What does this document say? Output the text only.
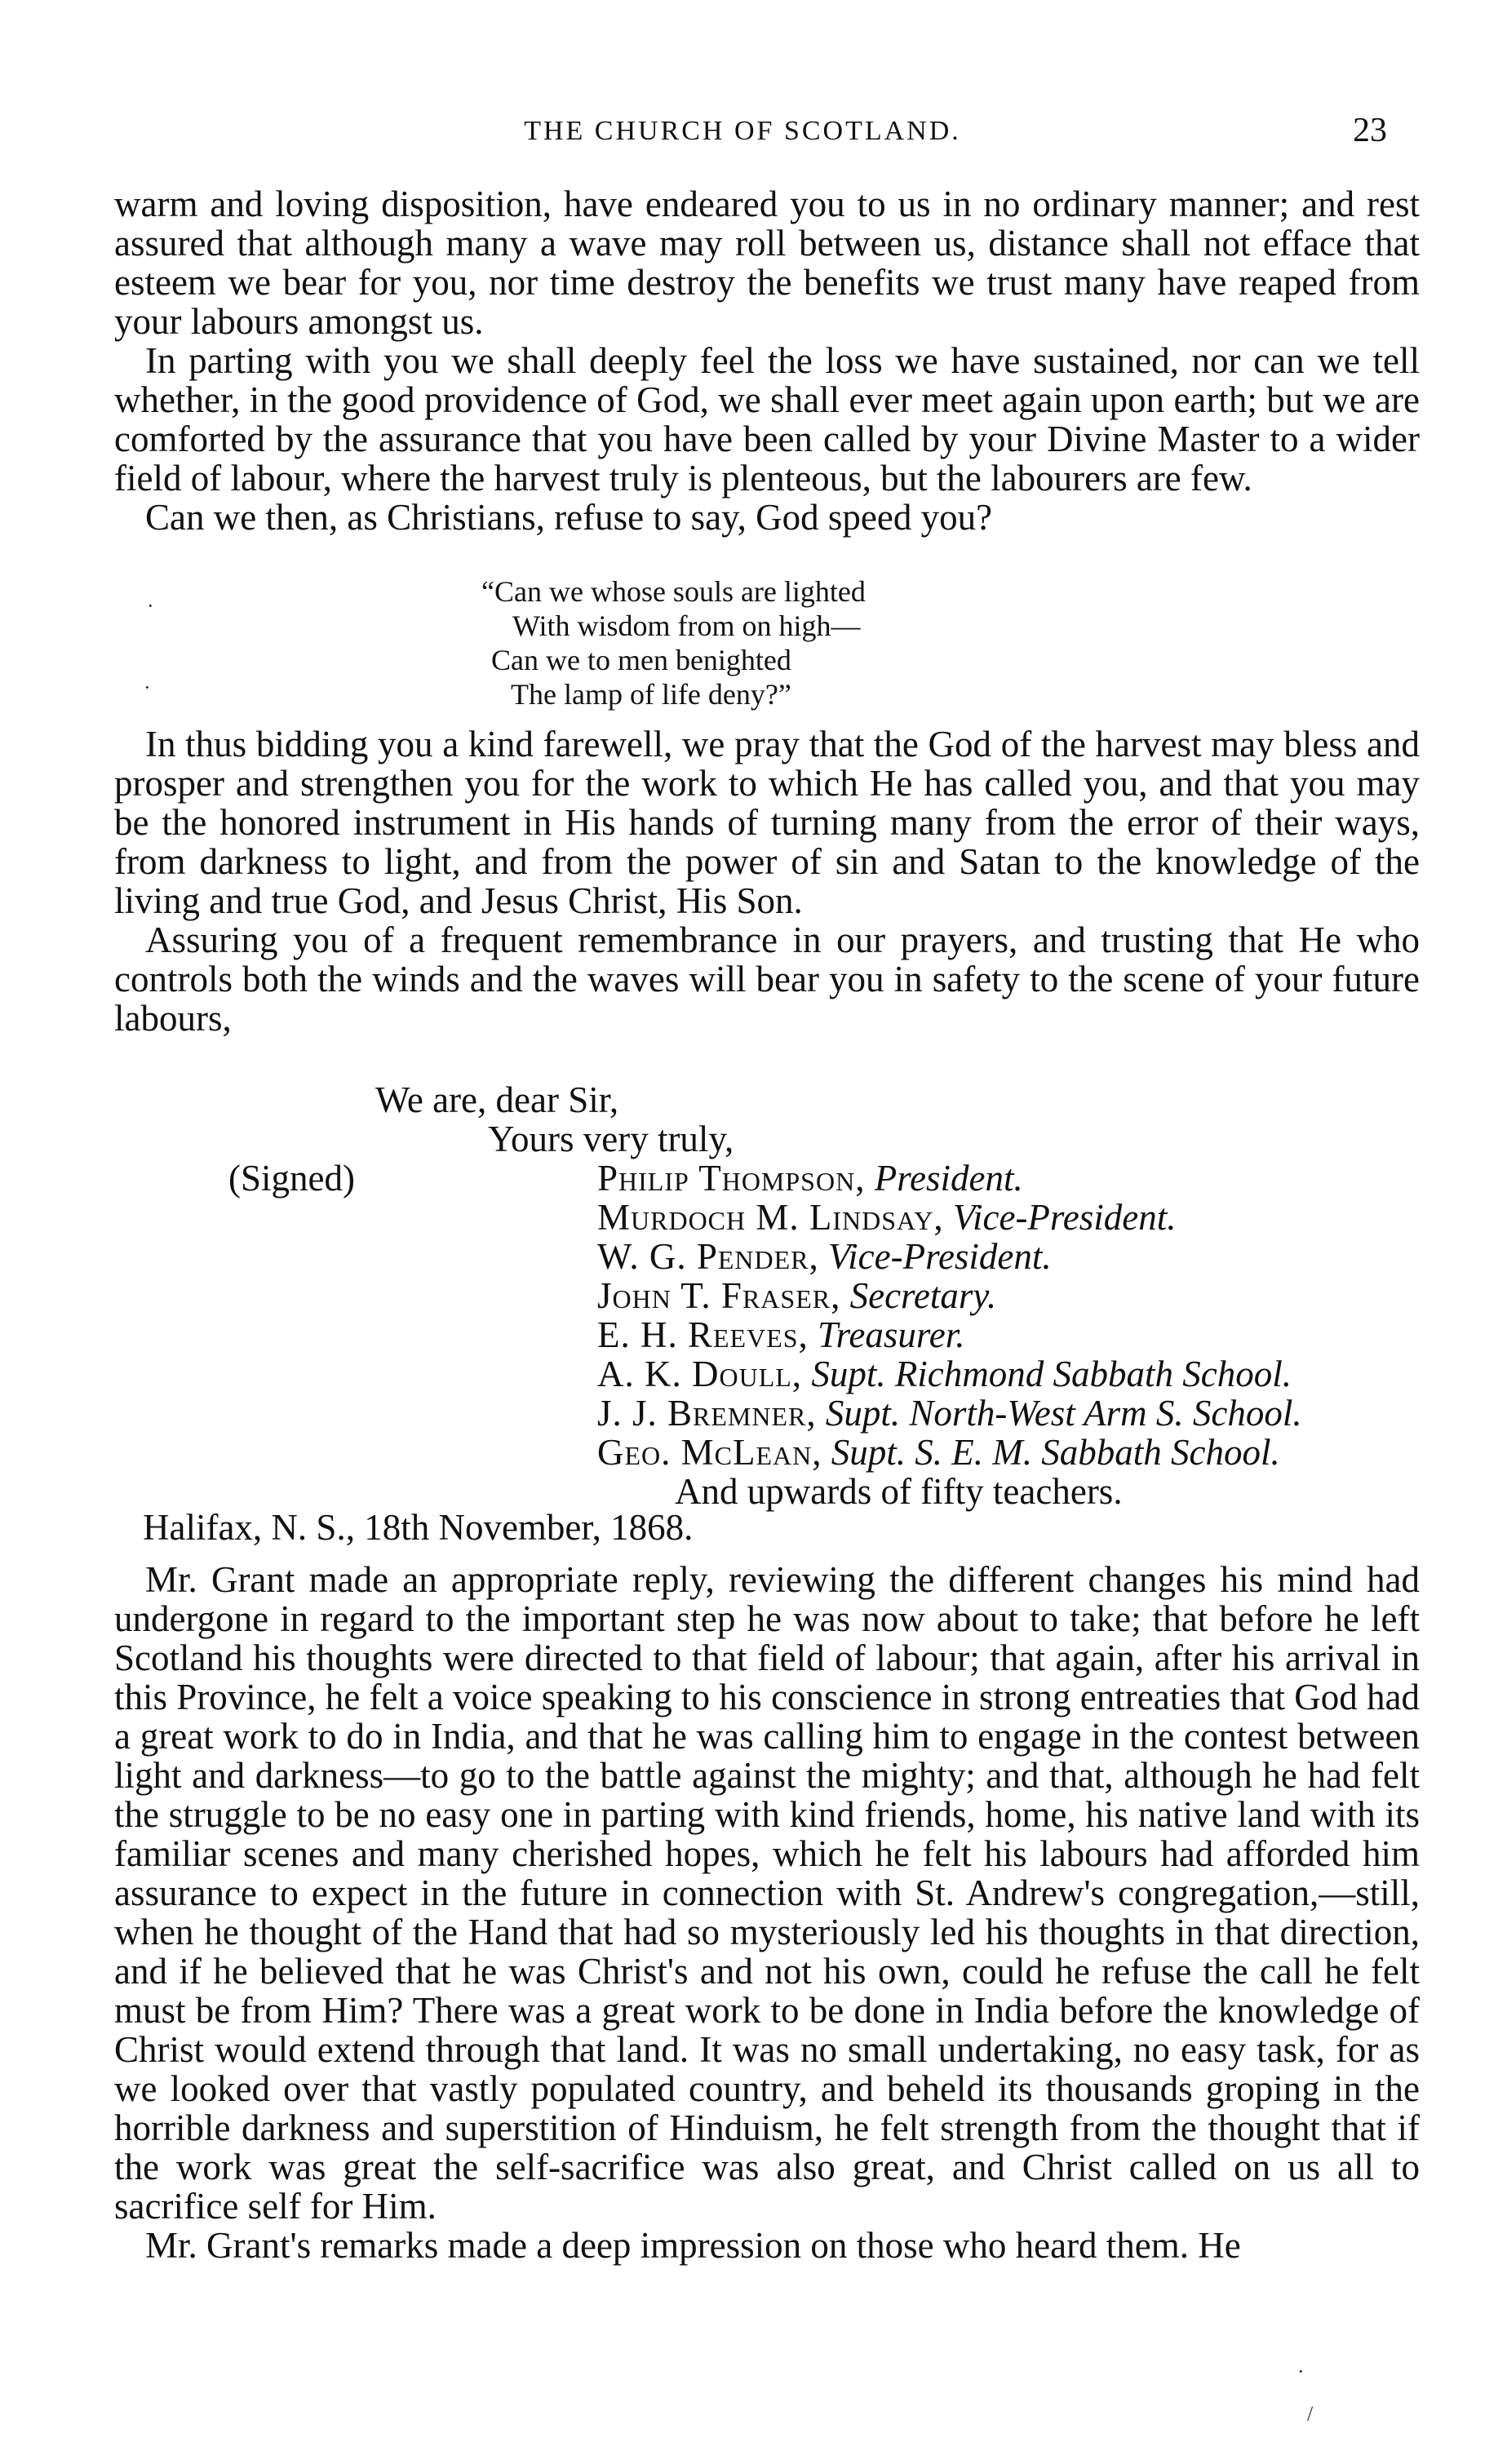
THE CHURCH OF SCOTLAND.	23

warm and loving disposition, have endeared you to us in no ordinary manner; and rest assured that although many a wave may roll between us, distance shall not efface that esteem we bear for you, nor time destroy the benefits we trust many have reaped from your labours amongst us.

In parting with you we shall deeply feel the loss we have sustained, nor can we tell whether, in the good providence of God, we shall ever meet again upon earth; but we are comforted by the assurance that you have been called by your Divine Master to a wider field of labour, where the harvest truly is plenteous, but the labourers are few.

Can we then, as Christians, refuse to say, God speed you?

“Can we whose souls are lighted
With wisdom from on high—
Can we to men benighted
The lamp of life deny?”

In thus bidding you a kind farewell, we pray that the God of the harvest may bless and prosper and strengthen you for the work to which He has called you, and that you may be the honored instrument in His hands of turning many from the error of their ways, from darkness to light, and from the power of sin and Satan to the knowledge of the living and true God, and Jesus Christ, His Son.

Assuring you of a frequent remembrance in our prayers, and trusting that He who controls both the winds and the waves will bear you in safety to the scene of your future labours,

We are, dear Sir,
Yours very truly,
(Signed)	Philip Thompson, President.
Murdoch M. Lindsay, Vice-President.
W. G. Pender, Vice-President.
John T. Fraser, Secretary.
E. H. Reeves, Treasurer.
A. K. Doull, Supt. Richmond Sabbath School.
J. J. Bremner, Supt. North-West Arm S. School.
Geo. McLean, Supt. S. E. M. Sabbath School.
And upwards of fifty teachers.
Halifax, N. S., 18th November, 1868.

Mr. Grant made an appropriate reply, reviewing the different changes his mind had undergone in regard to the important step he was now about to take; that before he left Scotland his thoughts were directed to that field of labour; that again, after his arrival in this Province, he felt a voice speaking to his conscience in strong entreaties that God had a great work to do in India, and that he was calling him to engage in the contest between light and darkness—to go to the battle against the mighty; and that, although he had felt the struggle to be no easy one in parting with kind friends, home, his native land with its familiar scenes and many cherished hopes, which he felt his labours had afforded him assurance to expect in the future in connection with St. Andrew's congregation,—still, when he thought of the Hand that had so mysteriously led his thoughts in that direction, and if he believed that he was Christ's and not his own, could he refuse the call he felt must be from Him? There was a great work to be done in India before the knowledge of Christ would extend through that land. It was no small undertaking, no easy task, for as we looked over that vastly populated country, and beheld its thousands groping in the horrible darkness and superstition of Hinduism, he felt strength from the thought that if the work was great the self-sacrifice was also great, and Christ called on us all to sacrifice self for Him.

Mr. Grant's remarks made a deep impression on those who heard them. He

·
·
·
/
